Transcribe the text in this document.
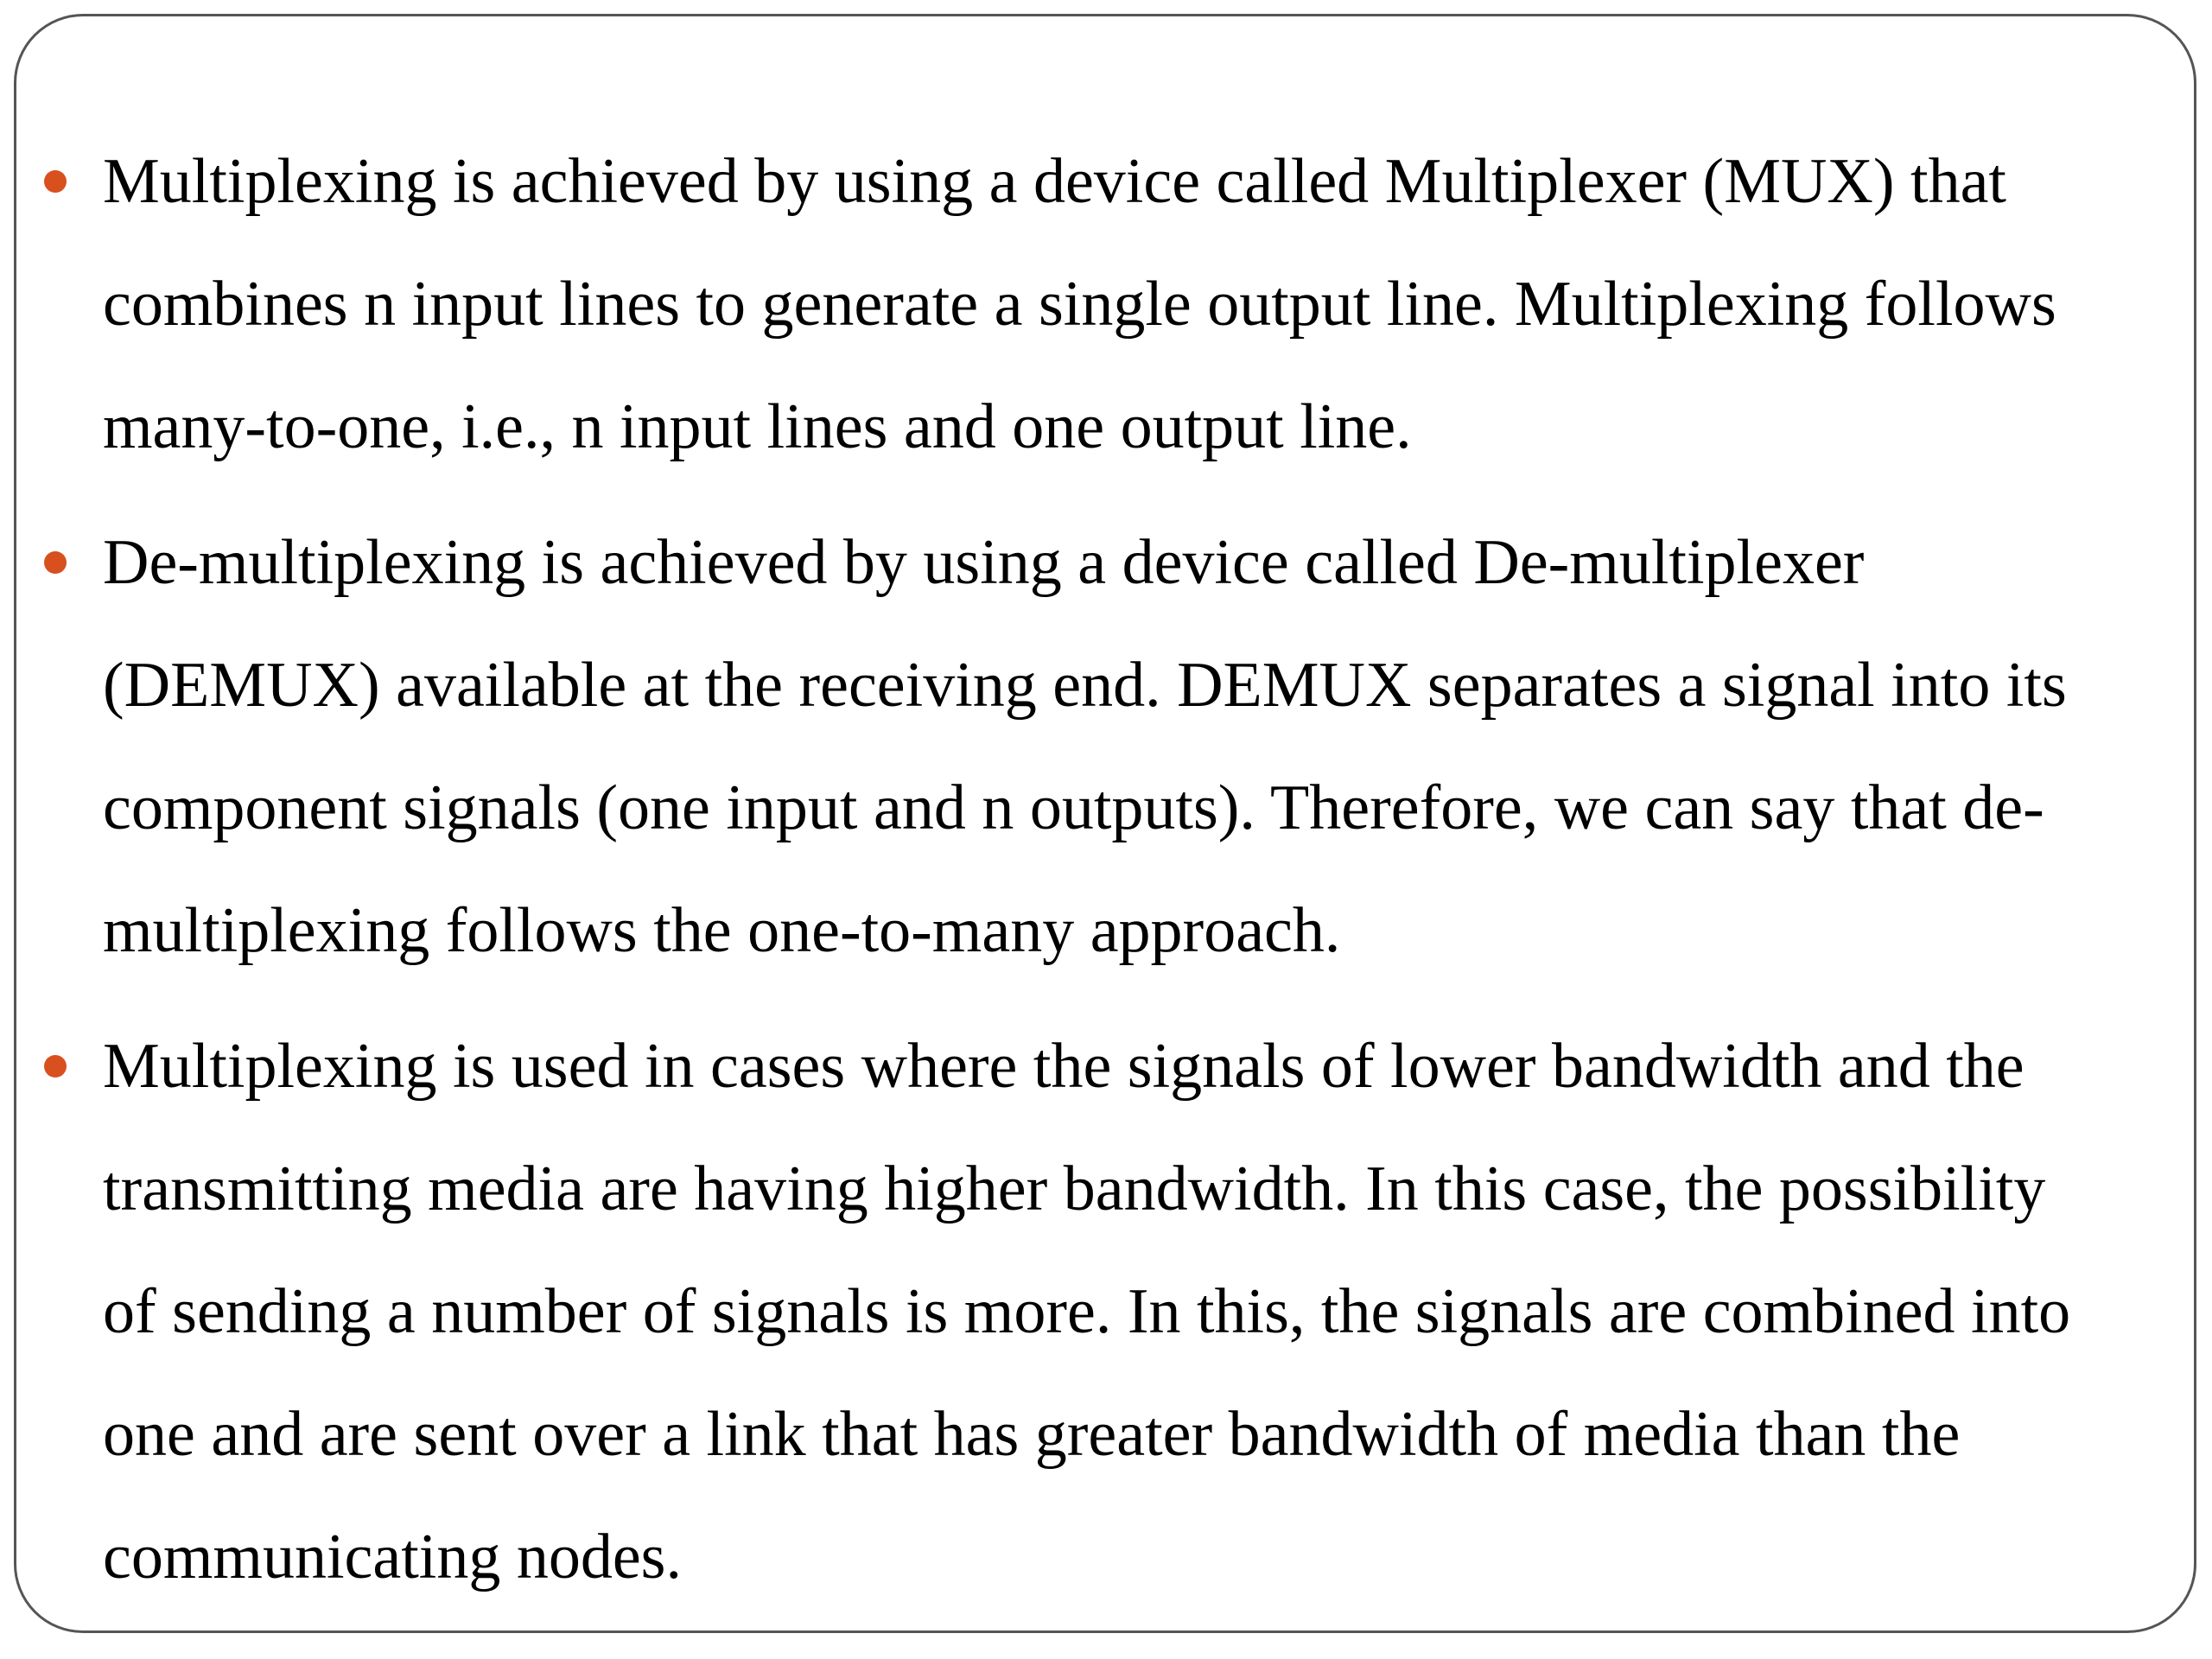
Multiplexing is achieved by using a device called Multiplexer (MUX) that
combines n input lines to generate a single output line. Multiplexing follows
many-to-one, i.e., n input lines and one output line.
De-multiplexing is achieved by using a device called De-multiplexer
(DEMUX) available at the receiving end. DEMUX separates a signal into its
component signals (one input and n outputs). Therefore, we can say that de-
multiplexing follows the one-to-many approach.
Multiplexing is used in cases where the signals of lower bandwidth and the
transmitting media are having higher bandwidth. In this case, the possibility
of sending a number of signals is more. In this, the signals are combined into
one and are sent over a link that has greater bandwidth of media than the
communicating nodes.
